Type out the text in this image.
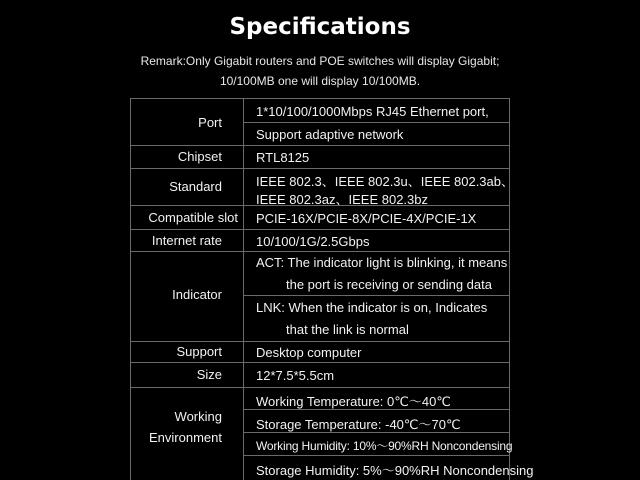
Specifications
Remark:Only Gigabit routers and POE switches will display Gigabit;
10/100MB one will display 10/100MB.
Port
Chipset
Standard
Compatible slot
Internet rate
Indicator
Support
Size
Working
Environment
1*10/100/1000Mbps RJ45 Ethernet port,
Support adaptive network
RTL8125
IEEE 802.3、IEEE 802.3u、IEEE 802.3ab、
IEEE 802.3az、IEEE 802.3bz
PCIE-16X/PCIE-8X/PCIE-4X/PCIE-1X
10/100/1G/2.5Gbps
ACT: The indicator light is blinking, it means
the port is receiving or sending data
LNK: When the indicator is on, Indicates
that the link is normal
Desktop computer
12*7.5*5.5cm
Working Temperature: 0℃～40℃
Storage Temperature: -40℃～70℃
Working Humidity: 10%～90%RH Noncondensing
Storage Humidity: 5%～90%RH Noncondensing
